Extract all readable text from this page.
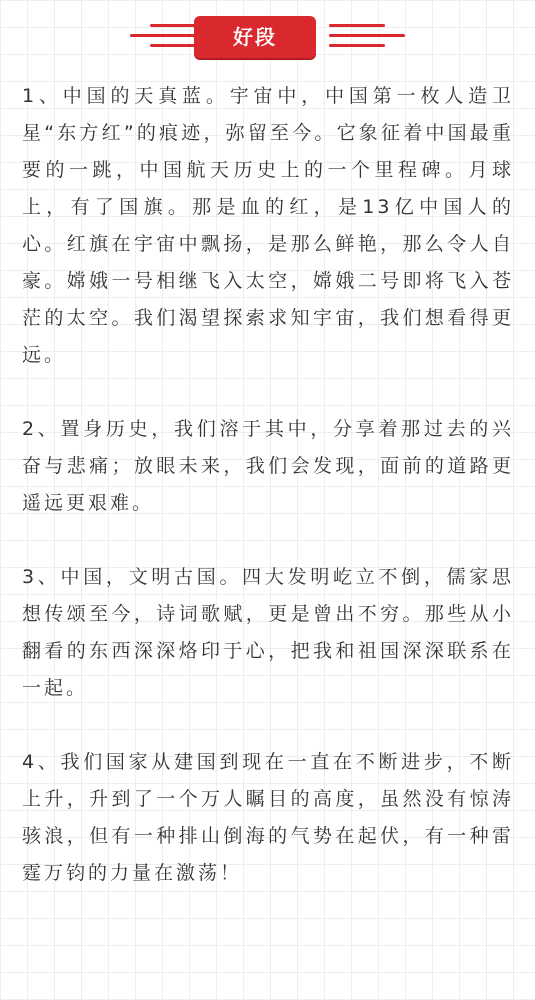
好段

1、中国的天真蓝。宇宙中，中国第一枚人造卫星“东方红”的痕迹，弥留至今。它象征着中国最重要的一跳，中国航天历史上的一个里程碑。月球上，有了国旗。那是血的红，是13亿中国人的心。红旗在宇宙中飘扬，是那么鲜艳，那么令人自豪。嫦娥一号相继飞入太空，嫦娥二号即将飞入苍茫的太空。我们渴望探索求知宇宙，我们想看得更远。

2、置身历史，我们溶于其中，分享着那过去的兴奋与悲痛；放眼未来，我们会发现，面前的道路更遥远更艰难。

3、中国，文明古国。四大发明屹立不倒，儒家思想传颂至今，诗词歌赋，更是曾出不穷。那些从小翻看的东西深深烙印于心，把我和祖国深深联系在一起。

4、我们国家从建国到现在一直在不断进步，不断上升，升到了一个万人瞩目的高度，虽然没有惊涛骇浪，但有一种排山倒海的气势在起伏，有一种雷霆万钧的力量在激荡！
